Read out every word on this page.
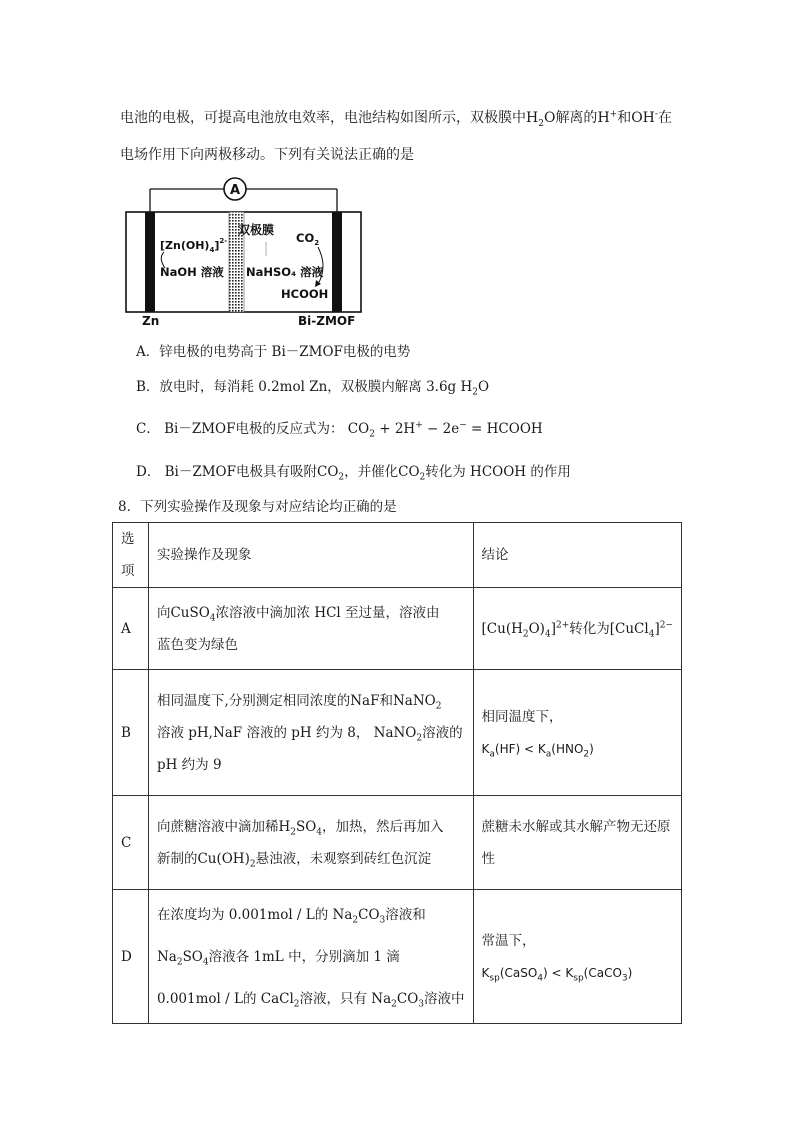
电池的电极，可提高电池放电效率，电池结构如图所示，双极膜中$H_2O$解离的H+和OH-在
电场作用下向两极移动。下列有关说法正确的是
A
双极膜
$[Zn(OH)_4]^{2-}$
NaOH 溶液
$CO_2$
NaHSO₄ 溶液
HCOOH
Zn	Bi-ZMOF
A．锌电极的电势高于 Bi－ZMOF电极的电势
B．放电时，每消耗 0.2mol Zn，双极膜内解离 3.6g $H_2O$
C． Bi－ZMOF电极的反应式为： $CO_2 + 2H^+ - 2e^-$ = HCOOH
D． Bi－ZMOF电极具有吸附$CO_2$，并催化$CO_2$转化为 HCOOH 的作用
8．下列实验操作及现象与对应结论均正确的是
选项	实验操作及现象	结论
A	向CuSO$_4$浓溶液中滴加浓 HCl 至过量，溶液由
蓝色变为绿色	$[Cu(H_2O)_4]^{2+}$转化为[CuCl$_4$]$^{2-}$

B	相同温度下,分别测定相同浓度的NaF和NaNO$_2$
溶液 pH,NaF 溶液的 pH 约为 8， NaNO$_2$溶液的
pH 约为 9	相同温度下，
$K_a(HF) < K_a(HNO_2)$

C	向蔗糖溶液中滴加稀$H_2SO_4$，加热，然后再加入
新制的$Cu(OH)_2$悬浊液，未观察到砖红色沉淀	蔗糖未水解或其水解产物无还原
性

D	在浓度均为 0.001mol / L的 $Na_2CO_3$溶液和
$Na_2SO_4$溶液各 1mL 中，分别滴加 1 滴
0.001mol / L的 CaCl$_2$溶液，只有 $Na_2CO_3$溶液中	常温下，
$K_{sp}(CaSO_4)$ < $K_{sp}(CaCO_3)$
